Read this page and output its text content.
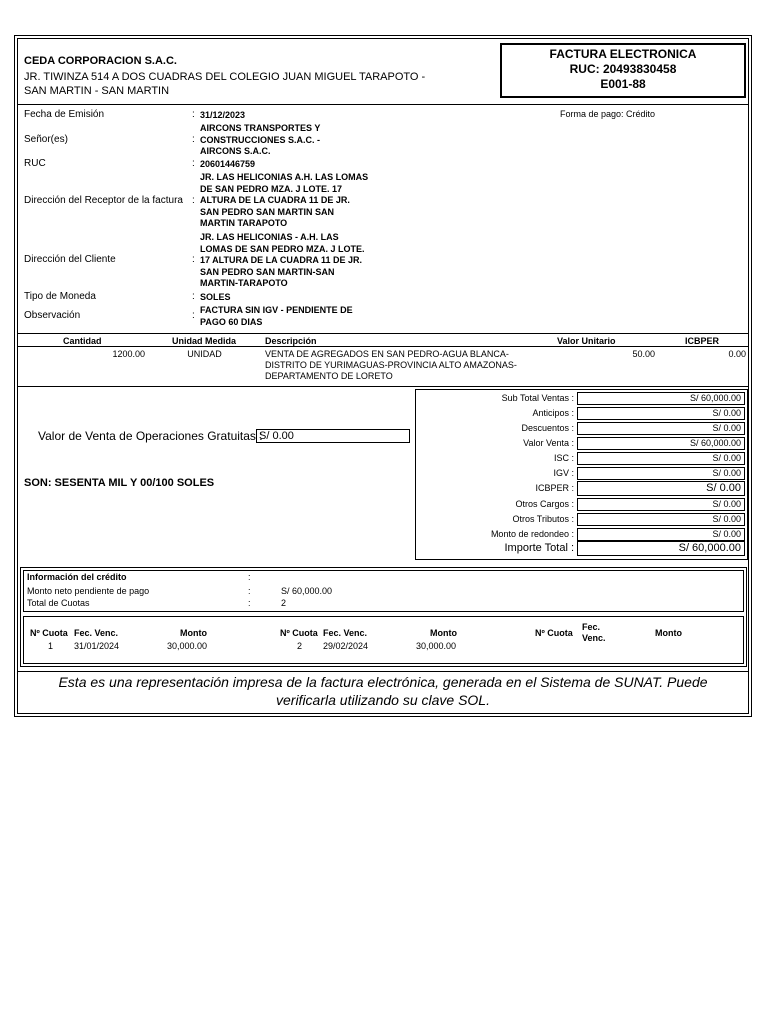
CEDA CORPORACION S.A.C.
JR. TIWINZA 514 A DOS CUADRAS DEL COLEGIO JUAN MIGUEL TARAPOTO - SAN MARTIN - SAN MARTIN
FACTURA ELECTRONICA
RUC: 20493830458
E001-88
Fecha de Emisión	: 31/12/2023	Forma de pago: Crédito
Señor(es)	:
AIRCONS TRANSPORTES Y CONSTRUCCIONES S.A.C. - AIRCONS S.A.C.
RUC	: 20601446759
Dirección del Receptor de la factura :
JR. LAS HELICONIAS A.H. LAS LOMAS DE SAN PEDRO MZA. J LOTE. 17 ALTURA DE LA CUADRA 11 DE JR. SAN PEDRO SAN MARTIN SAN MARTIN TARAPOTO
Dirección del Cliente	:
JR. LAS HELICONIAS - A.H. LAS LOMAS DE SAN PEDRO MZA. J LOTE. 17 ALTURA DE LA CUADRA 11 DE JR. SAN PEDRO SAN MARTIN-SAN MARTIN-TARAPOTO
Tipo de Moneda	: SOLES
Observación	: FACTURA SIN IGV - PENDIENTE DE PAGO 60 DIAS
Cantidad	Unidad Medida	Descripción	Valor Unitario	ICBPER
1200.00	UNIDAD	VENTA DE AGREGADOS EN SAN PEDRO-AGUA BLANCA-DISTRITO DE YURIMAGUAS-PROVINCIA ALTO AMAZONAS-DEPARTAMENTO DE LORETO
50.00	0.00
Valor de Venta de Operaciones Gratuitas :
S/ 0.00
SON: SESENTA MIL Y 00/100 SOLES
Sub Total Ventas :	S/ 60,000.00
Anticipos :	S/ 0.00
Descuentos :	S/ 0.00
Valor Venta :	S/ 60,000.00
ISC :	S/ 0.00
IGV :	S/ 0.00
ICBPER :	S/ 0.00
Otros Cargos :	S/ 0.00
Otros Tributos :	S/ 0.00
Monto de redondeo :	S/ 0.00
Importe Total :	S/ 60,000.00
Información del crédito	:
Monto neto pendiente de pago	:	S/ 60,000.00
Total de Cuotas	:	2
Nº Cuota Fec. Venc.	Monto	Nº Cuota Fec. Venc.	Monto	Nº Cuota
Fec. Venc.	Monto
1 31/01/2024	30,000.00	2 29/02/2024	30,000.00
Esta es una representación impresa de la factura electrónica, generada en el Sistema de SUNAT. Puede verificarla utilizando su clave SOL.
